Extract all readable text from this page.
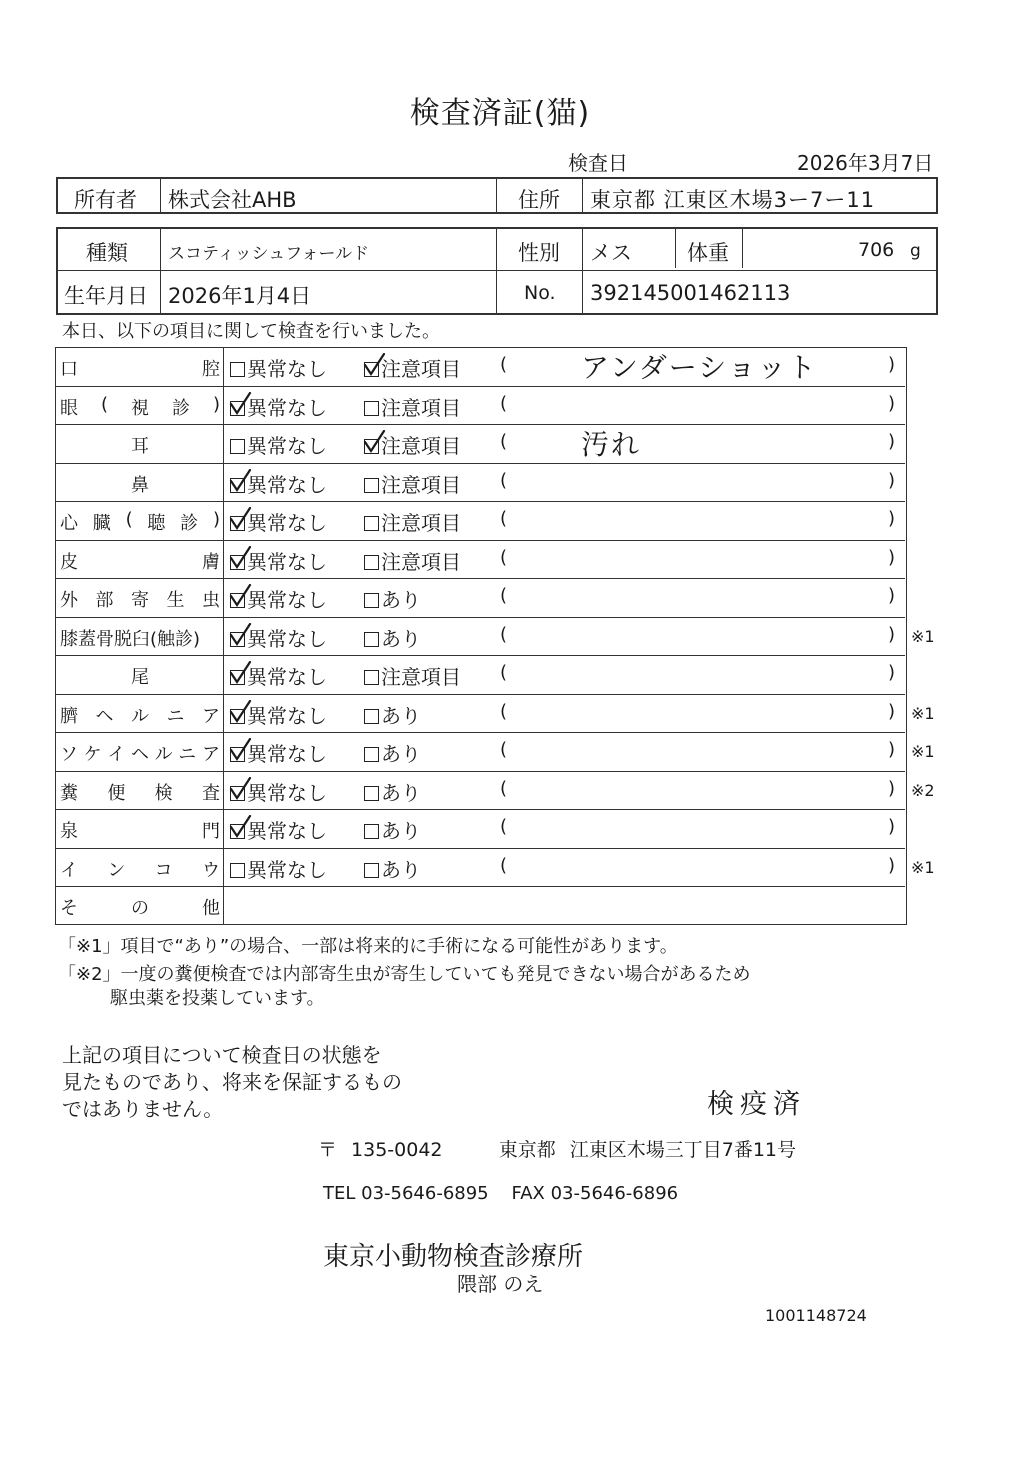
検査済証(猫)
検査日	2026年3月7日
所有者 株式会社AHB	住所 東京都 江東区木場3ー7ー11
種類 スコティッシュフォールド	性別 メス	体重	706 g
生年月日 2026年1月4日	No. 392145001462113
本日、以下の項目に関して検査を行いました。
口	腔	異常なし	注意項目 (	アンダーショット	)
眼 ( 視 診 )	異常なし	注意項目 (	)
耳	異常なし	注意項目 (	汚れ	)
鼻	異常なし	注意項目 (	)
心 臓 ( 聴 診 )	異常なし	注意項目 (	)
皮	膚	異常なし	注意項目 (	)
外 部 寄 生 虫	異常なし	あり	(	)
膝蓋骨脱臼(触診)	異常なし	あり	(	) ※1
尾	異常なし	注意項目 (	)
臍 ヘ ル ニ ア	異常なし	あり	(	) ※1
ソ ケ イ ヘ ル ニ ア	異常なし	あり	(	) ※1
糞 便 検 査	異常なし	あり	(	) ※2
泉	門	異常なし	あり	(	)
イ ン コ ウ	異常なし	あり	(	) ※1
そ	の	他
「※1」項目で“あり”の場合、一部は将来的に手術になる可能性があります。
「※2」一度の糞便検査では内部寄生虫が寄生していても発見できない場合があるため
駆虫薬を投薬しています。
上記の項目について検査日の状態を
見たものであり、将来を保証するもの
ではありません。	検疫済
〒 135-0042	東京都 江東区木場三丁目7番11号
TEL 03-5646-6895 FAX 03-5646-6896
東京小動物検査診療所
隈部 のえ
1001148724
